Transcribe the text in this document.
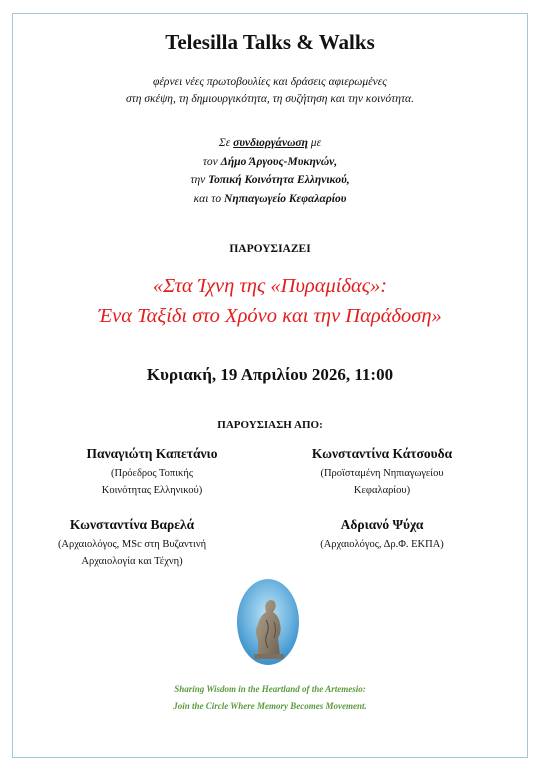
Telesilla Talks & Walks
φέρνει νέες πρωτοβουλίες και δράσεις αφιερωμένες
στη σκέψη, τη δημιουργικότητα, τη συζήτηση και την κοινότητα.
Σε συνδιοργάνωση με
τον Δήμο Άργους-Μυκηνών,
την Τοπική Κοινότητα Ελληνικού,
και το Νηπιαγωγείο Κεφαλαρίου
ΠΑΡΟΥΣΙΑΖΕΙ
«Στα Ίχνη της «Πυραμίδας»:
Ένα Ταξίδι στο Χρόνο και την Παράδοση»
Κυριακή, 19 Απριλίου 2026, 11:00
ΠΑΡΟΥΣΙΑΣΗ ΑΠΟ:
Παναγιώτη Καπετάνιο
(Πρόεδρος Τοπικής
Κοινότητας Ελληνικού)
Κωνσταντίνα Κάτσουδα
(Προϊσταμένη Νηπιαγωγείου
Κεφαλαρίου)
Κωνσταντίνα Βαρελά
(Αρχαιολόγος, MSc στη Βυζαντινή
Αρχαιολογία και Τέχνη)
Αδριανό Ψύχα
(Αρχαιολόγος, Δρ.Φ. ΕΚΠΑ)
Sharing Wisdom in the Heartland of the Artemesio:
Join the Circle Where Memory Becomes Movement.
